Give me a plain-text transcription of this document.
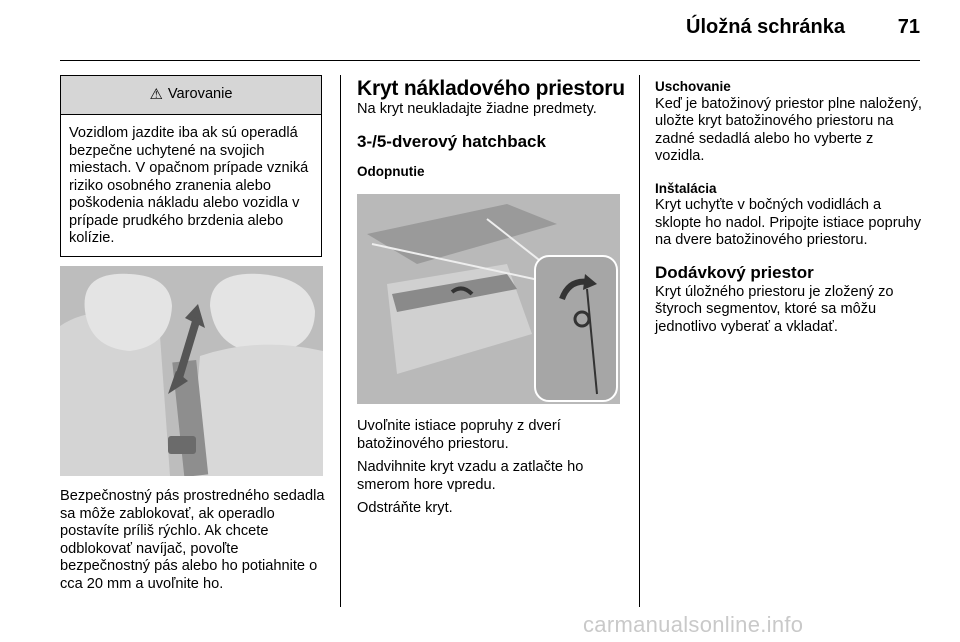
Úložná schránka	71
⚠ Varovanie
Vozidlom jazdite iba ak sú operadlá bezpečne uchytené na svojich miestach. V opačnom prípade vzniká riziko osobného zranenia alebo poškodenia nákladu alebo vozidla v prípade prudkého brzdenia alebo kolízie.
Bezpečnostný pás prostredného sedadla sa môže zablokovať, ak operadlo postavíte príliš rýchlo. Ak chcete odblokovať navíjač, povoľte bezpečnostný pás alebo ho potiahnite o cca 20 mm a uvoľnite ho.
Kryt nákladového priestoru
Na kryt neukladajte žiadne predmety.
3-/5-dverový hatchback
Odopnutie
Uvoľnite istiace popruhy z dverí batožinového priestoru.
Nadvihnite kryt vzadu a zatlačte ho smerom hore vpredu.
Odstráňte kryt.
Uschovanie
Keď je batožinový priestor plne naložený, uložte kryt batožinového priestoru na zadné sedadlá alebo ho vyberte z vozidla.
Inštalácia
Kryt uchyťte v bočných vodidlách a sklopte ho nadol. Pripojte istiace popruhy na dvere batožinového priestoru.
Dodávkový priestor
Kryt úložného priestoru je zložený zo štyroch segmentov, ktoré sa môžu jednotlivo vyberať a vkladať.
carmanualsonline.info
